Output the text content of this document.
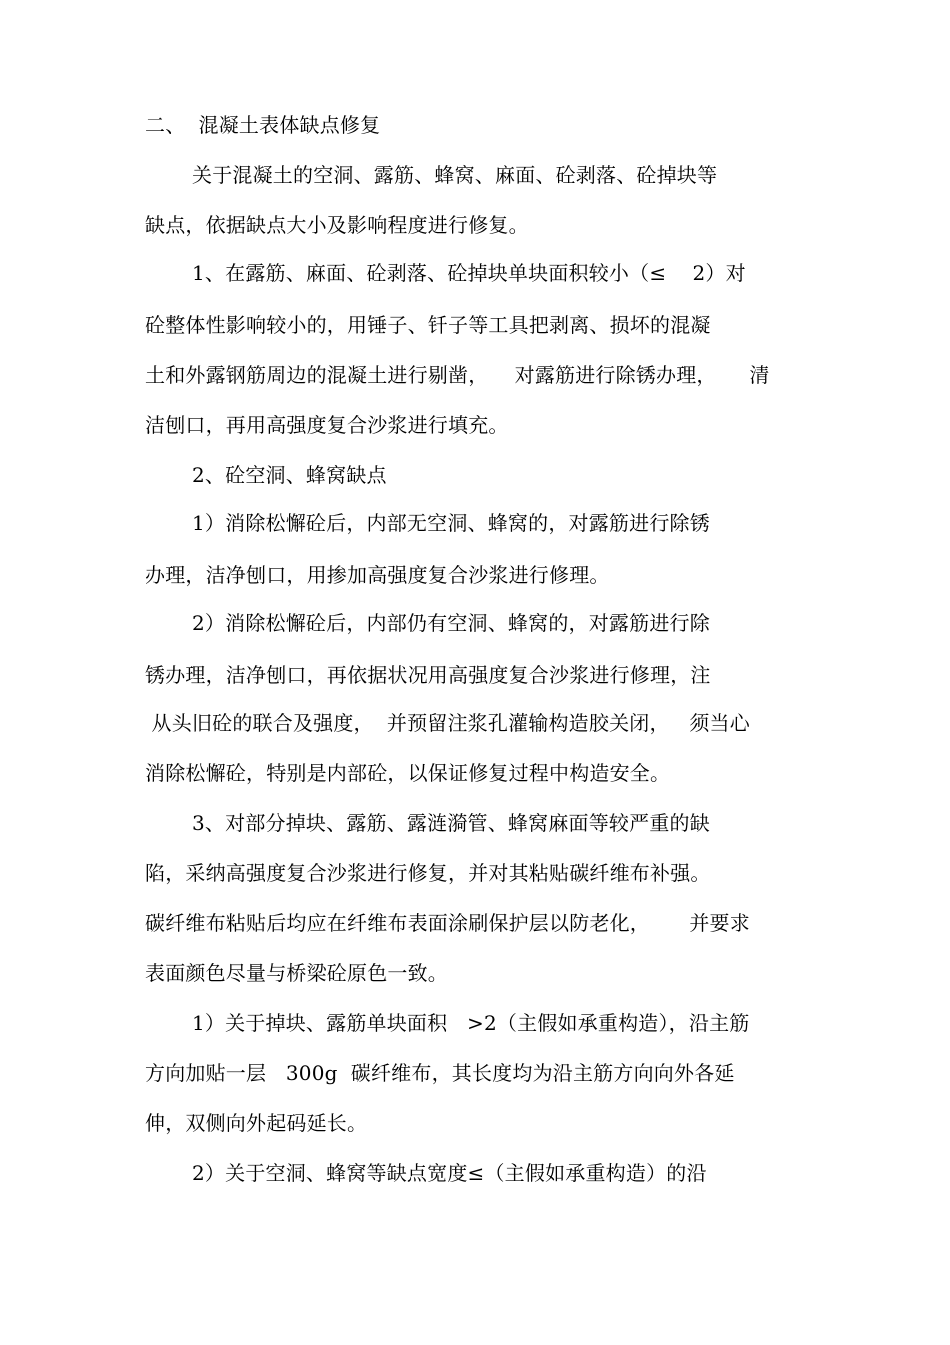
二、  混凝土表体缺点修复
关于混凝土的空洞、露筋、蜂窝、麻面、砼剥落、砼掉块等
缺点，依据缺点大小及影响程度进行修复。
1、在露筋、麻面、砼剥落、砼掉块单块面积较小（≤    2）对
砼整体性影响较小的，用锤子、钎子等工具把剥离、损坏的混凝
土和外露钢筋周边的混凝土进行剔凿，    对露筋进行除锈办理，     清
洁刨口，再用高强度复合沙浆进行填充。
2、砼空洞、蜂窝缺点
1）消除松懈砼后，内部无空洞、蜂窝的，对露筋进行除锈
办理，洁净刨口，用掺加高强度复合沙浆进行修理。
2）消除松懈砼后，内部仍有空洞、蜂窝的，对露筋进行除
锈办理，洁净刨口，再依据状况用高强度复合沙浆进行修理，注
从头旧砼的联合及强度，  并预留注浆孔灌输构造胶关闭，   须当心
消除松懈砼，特别是内部砼，以保证修复过程中构造安全。
3、对部分掉块、露筋、露涟漪管、蜂窝麻面等较严重的缺
陷，采纳高强度复合沙浆进行修复，并对其粘贴碳纤维布补强。
碳纤维布粘贴后均应在纤维布表面涂刷保护层以防老化，      并要求
表面颜色尽量与桥梁砼原色一致。
1）关于掉块、露筋单块面积   >2（主假如承重构造），沿主筋
方向加贴一层   300g  碳纤维布，其长度均为沿主筋方向向外各延
伸，双侧向外起码延长。
2）关于空洞、蜂窝等缺点宽度≤（主假如承重构造）的沿
